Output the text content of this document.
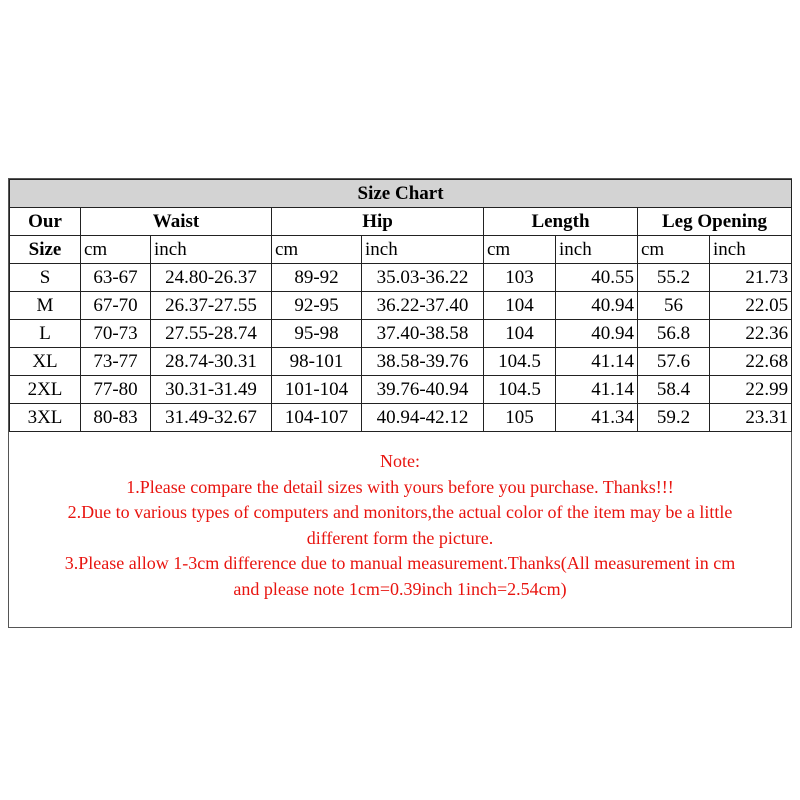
Size Chart								
Our	Waist		Hip		Length		Leg Opening	
Size	cm	inch	cm	inch	cm	inch	cm	inch
S	63-67	24.80-26.37	89-92	35.03-36.22	103	40.55	55.2	21.73
M	67-70	26.37-27.55	92-95	36.22-37.40	104	40.94	56	22.05
L	70-73	27.55-28.74	95-98	37.40-38.58	104	40.94	56.8	22.36
XL	73-77	28.74-30.31	98-101	38.58-39.76	104.5	41.14	57.6	22.68
2XL	77-80	30.31-31.49	101-104	39.76-40.94	104.5	41.14	58.4	22.99
3XL	80-83	31.49-32.67	104-107	40.94-42.12	105	41.34	59.2	23.31
Note:
1.Please compare the detail sizes with yours before you purchase. Thanks!!!
2.Due to various types of computers and monitors,the actual color of the item may be a little
different form the picture.
3.Please allow 1-3cm difference due to manual measurement.Thanks(All measurement in cm
and please note 1cm=0.39inch 1inch=2.54cm)
